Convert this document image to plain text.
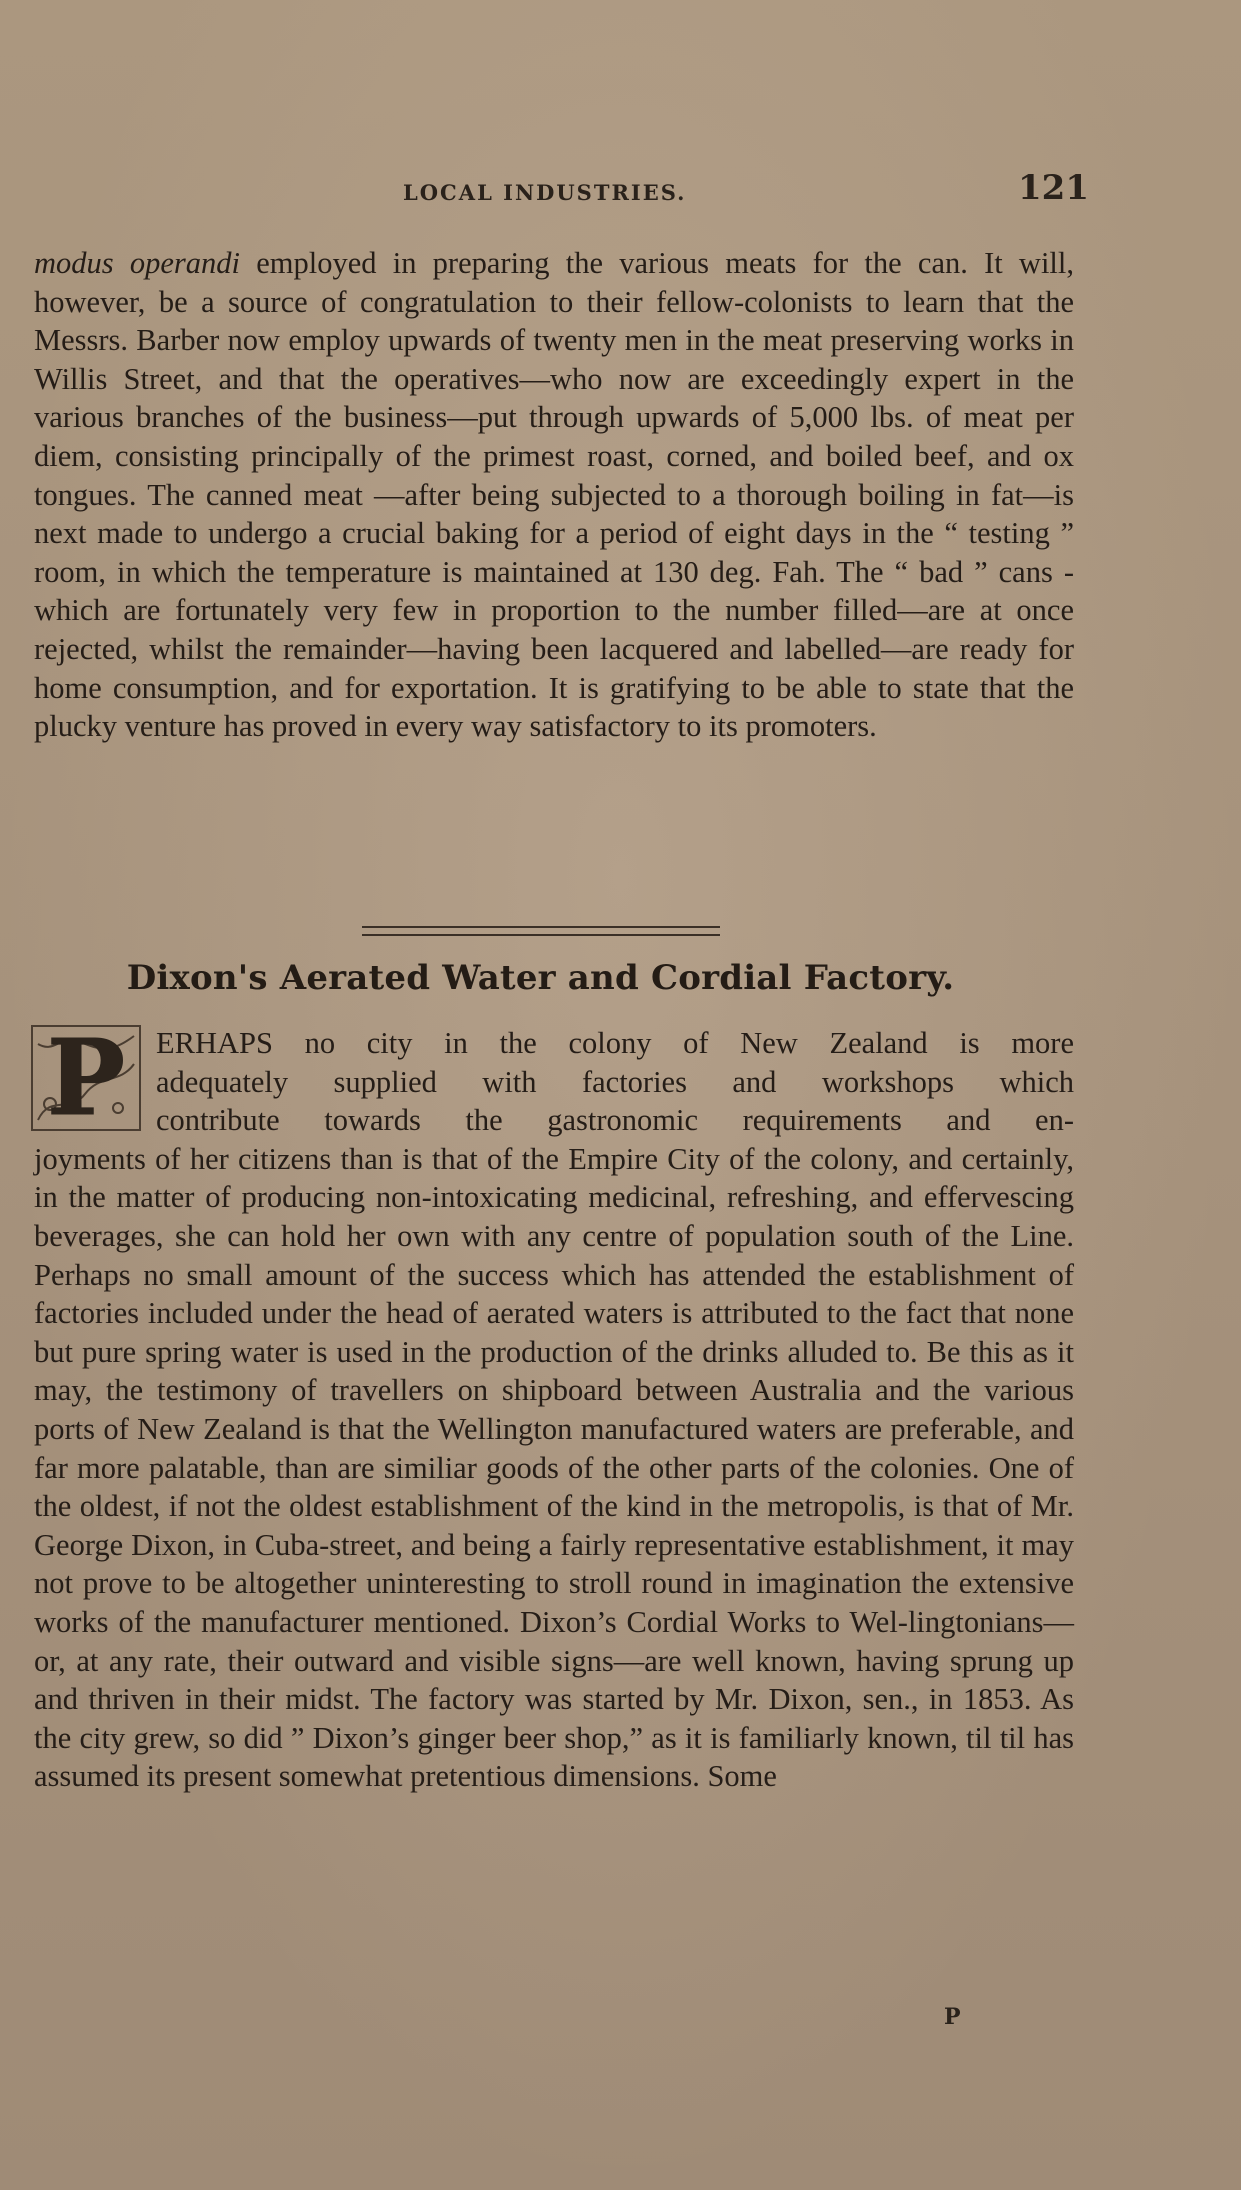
LOCAL INDUSTRIES.	121

modus operandi employed in preparing the various meats for the can. It will, however, be a source of congratulation to their fellow-colonists to learn that the Messrs. Barber now employ upwards of twenty men in the meat preserving works in Willis Street, and that the operatives—who now are exceedingly expert in the various branches of the business—put through upwards of 5,000 lbs. of meat per diem, consisting principally of the primest roast, corned, and boiled beef, and ox tongues. The canned meat —after being subjected to a thorough boiling in fat—is next made to undergo a crucial baking for a period of eight days in the “ testing ” room, in which the temperature is maintained at 130 deg. Fah. The “ bad ” cans - which are fortunately very few in proportion to the number filled—are at once rejected, whilst the remainder—having been lacquered and labelled—are ready for home consumption, and for exportation. It is gratifying to be able to state that the plucky venture has proved in every way satisfactory to its promoters.

Dixon's Aerated Water and Cordial Factory.
P	ERHAPS no city in the colony of New Zealand is more
adequately supplied with factories and workshops which
contribute towards the gastronomic requirements and en-

joyments of her citizens than is that of the Empire City of the colony, and certainly, in the matter of producing non-intoxicating medicinal, refreshing, and effervescing beverages, she can hold her own with any centre of population south of the Line. Perhaps no small amount of the success which has attended the establishment of factories included under the head of aerated waters is attributed to the fact that none but pure spring water is used in the production of the drinks alluded to. Be this as it may, the testimony of travellers on shipboard between Australia and the various ports of New Zealand is that the Wellington manufactured waters are preferable, and far more palatable, than are similiar goods of the other parts of the colonies. One of the oldest, if not the oldest establishment of the kind in the metropolis, is that of Mr. George Dixon, in Cuba-street, and being a fairly representative establishment, it may not prove to be altogether uninteresting to stroll round in imagination the extensive works of the manufacturer mentioned. Dixon’s Cordial Works to Wel-lingtonians—or, at any rate, their outward and visible signs—are well known, having sprung up and thriven in their midst. The factory was started by Mr. Dixon, sen., in 1853. As the city grew, so did ” Dixon’s ginger beer shop,” as it is familiarly known, til til has assumed its present somewhat pretentious dimensions. Some

P
